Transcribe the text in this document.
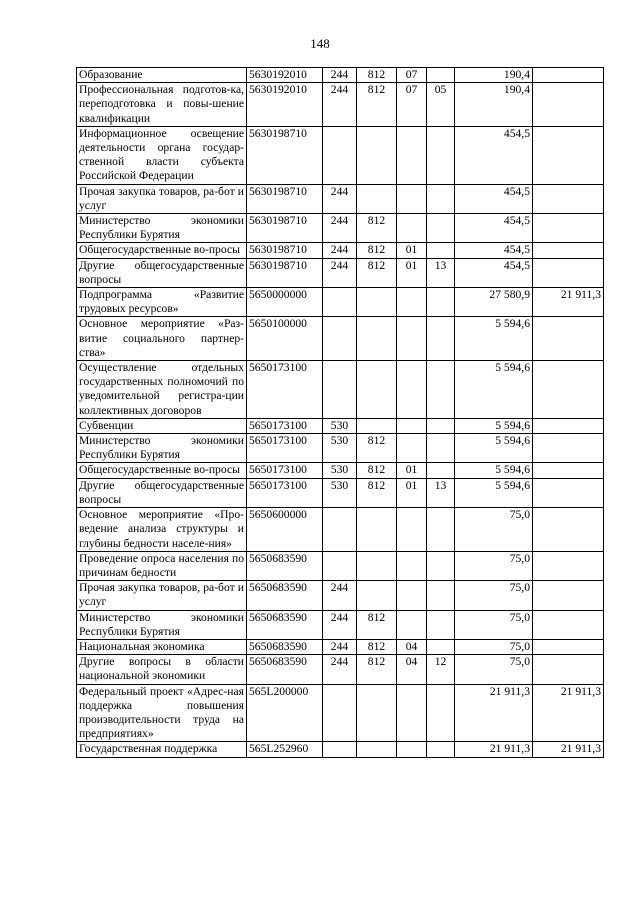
148
Образование	5630192010	244	812	07		190,4	
Профессиональная подготов-ка, переподготовка и повы-шение квалификации	5630192010	244	812	07	05	190,4	
Информационное освещение деятельности органа государ-ственной власти субъекта Российской Федерации	5630198710					454,5	
Прочая закупка товаров, ра-бот и услуг	5630198710	244				454,5	
Министерство экономики Республики Бурятия	5630198710	244	812			454,5	
Общегосударственные во-просы	5630198710	244	812	01		454,5	
Другие общегосударственные вопросы	5630198710	244	812	01	13	454,5	
Подпрограмма «Развитие трудовых ресурсов»	5650000000					27 580,9	21 911,3
Основное мероприятие «Раз-витие социального партнер-ства»	5650100000					5 594,6	
Осуществление отдельных государственных полномочий по уведомительной регистра-ции коллективных договоров	5650173100					5 594,6	
Субвенции	5650173100	530				5 594,6	
Министерство экономики Республики Бурятия	5650173100	530	812			5 594,6	
Общегосударственные во-просы	5650173100	530	812	01		5 594,6	
Другие общегосударственные вопросы	5650173100	530	812	01	13	5 594,6	
Основное мероприятие «Про-ведение анализа структуры и глубины бедности населе-ния»	5650600000					75,0	
Проведение опроса населения по причинам бедности	5650683590					75,0	
Прочая закупка товаров, ра-бот и услуг	5650683590	244				75,0	
Министерство экономики Республики Бурятия	5650683590	244	812			75,0	
Национальная экономика	5650683590	244	812	04		75,0	
Другие вопросы в области национальной экономики	5650683590	244	812	04	12	75,0	
Федеральный проект «Адрес-ная поддержка повышения производительности труда на предприятиях»	565L200000					21 911,3	21 911,3
Государственная поддержка	565L252960					21 911,3	21 911,3
